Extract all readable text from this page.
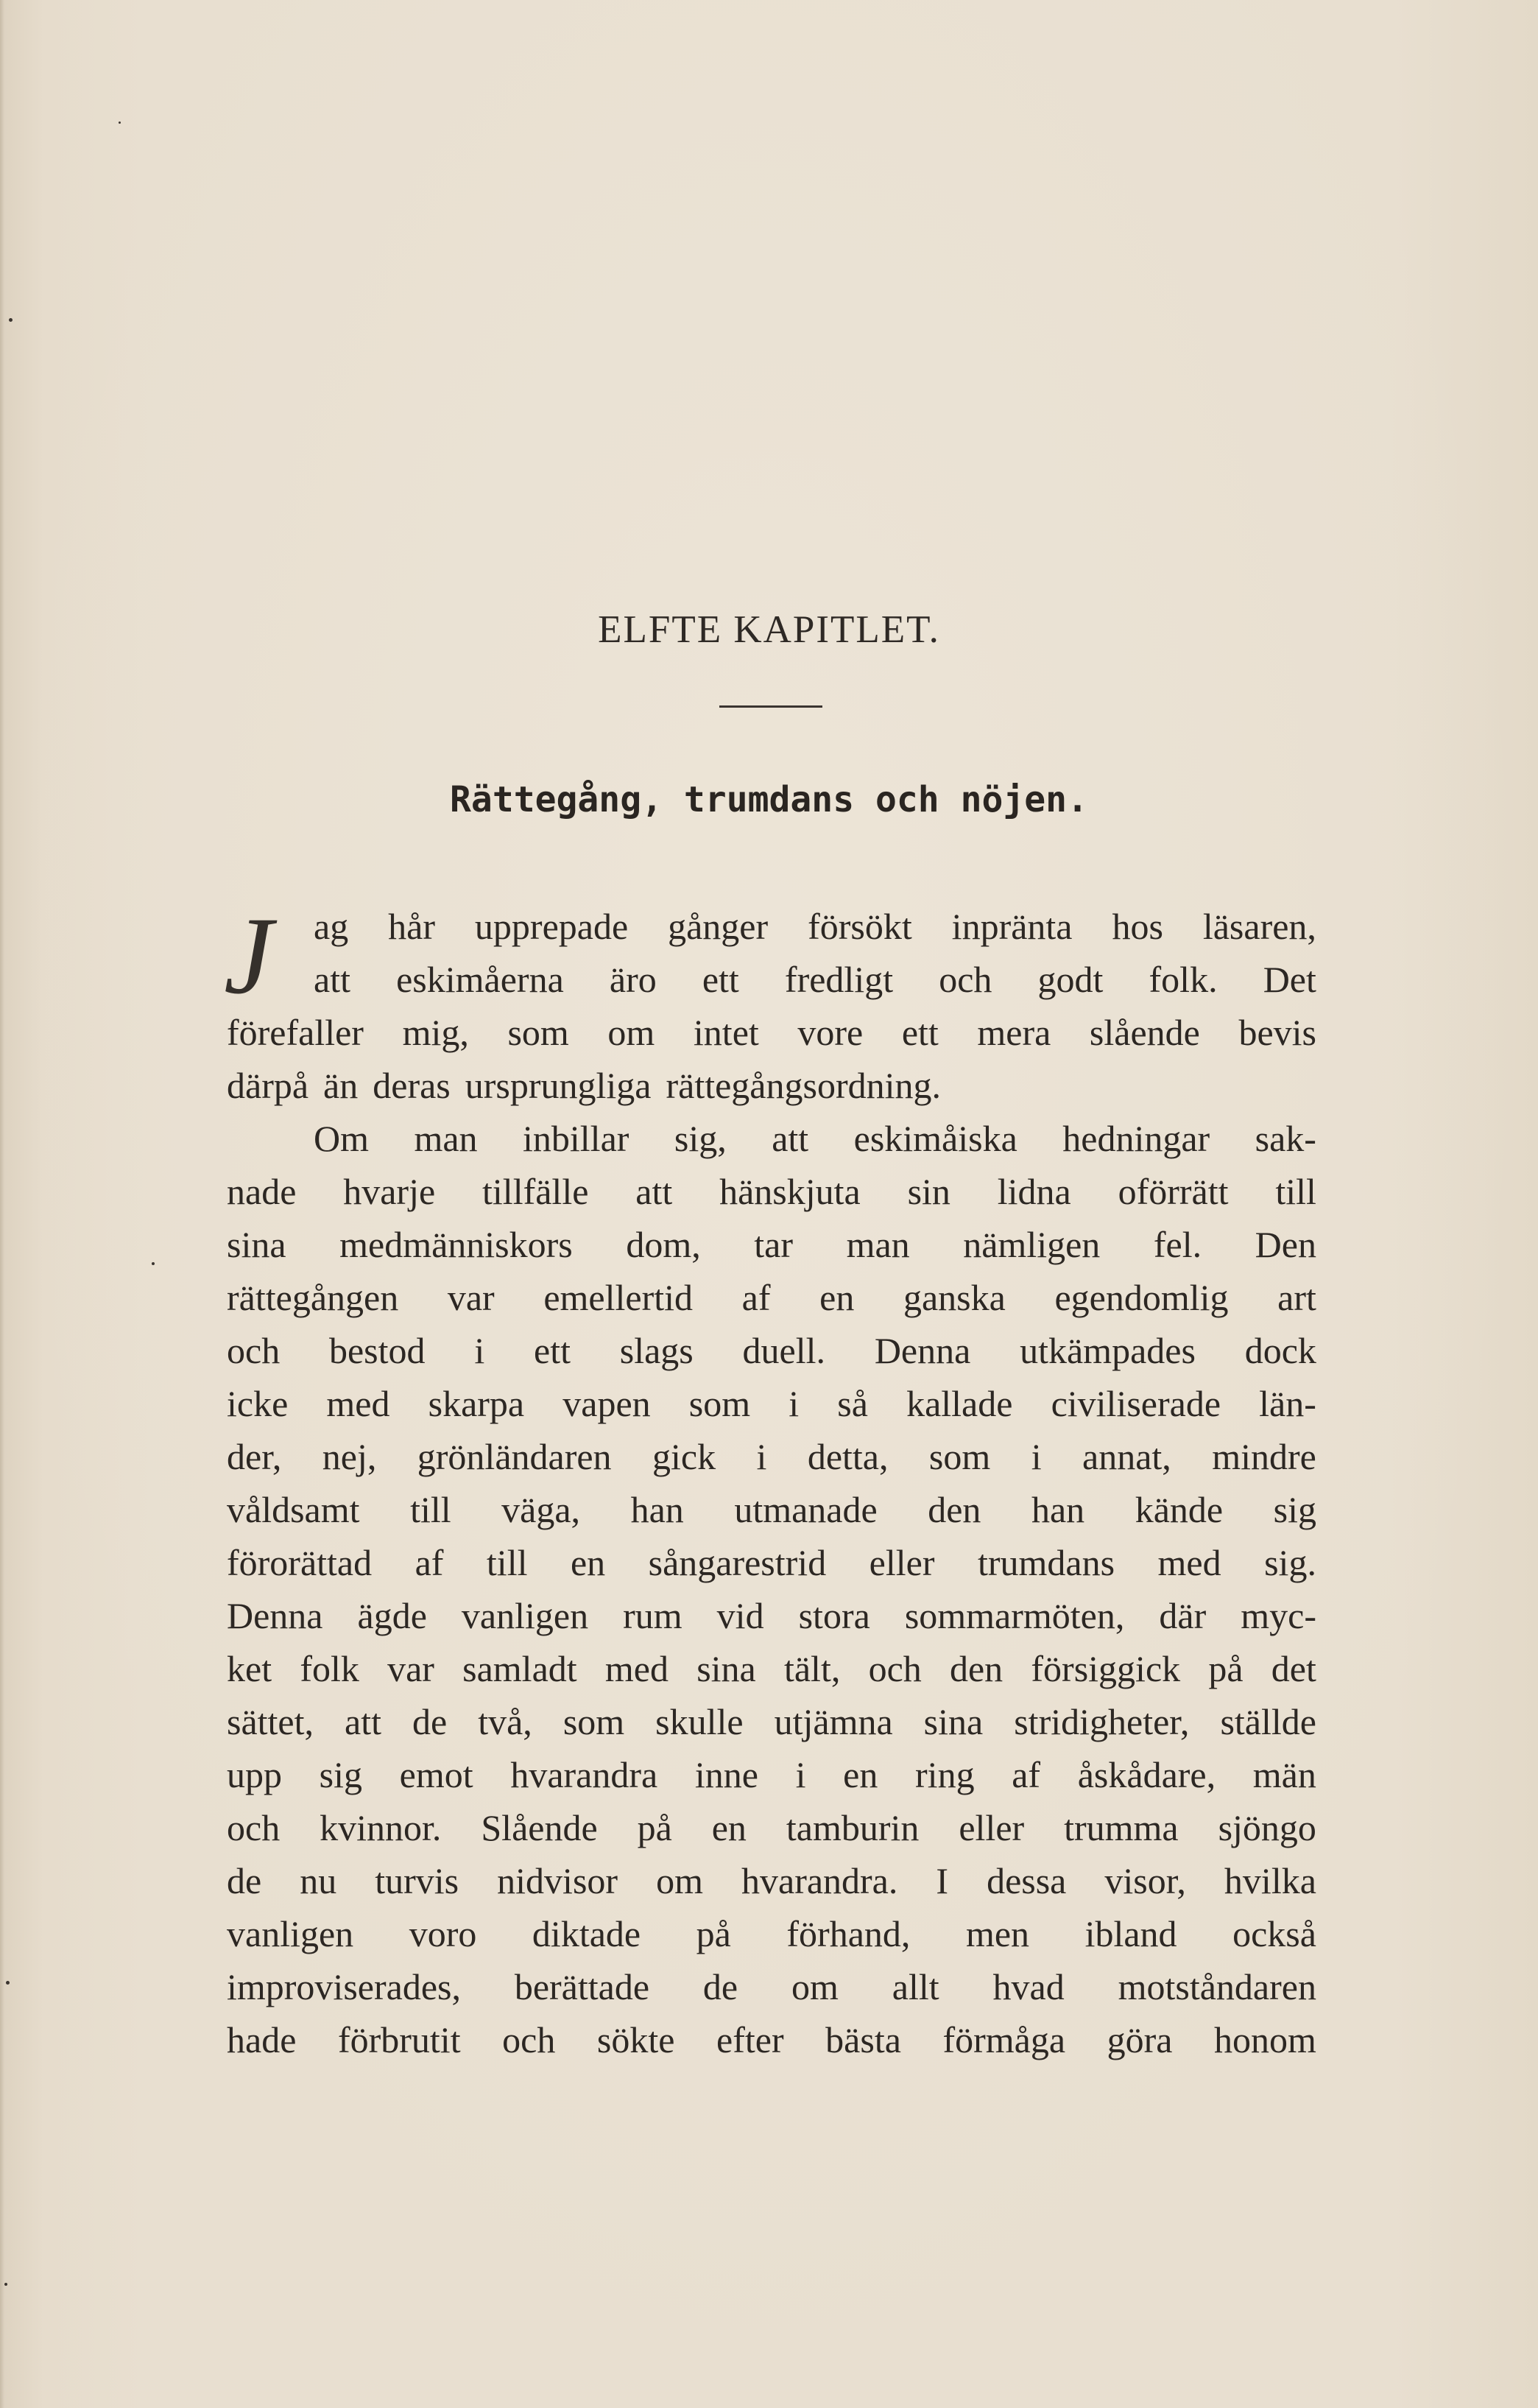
ELFTE KAPITLET.
Rättegång, trumdans och nöjen.
J	ag hår upprepade gånger försökt inpränta hos läsaren,
att eskimåerna äro ett fredligt och godt folk. Det
förefaller mig, som om intet vore ett mera slående bevis
därpå än deras ursprungliga rättegångsordning.
Om man inbillar sig, att eskimåiska hedningar sak-
nade hvarje tillfälle att hänskjuta sin lidna oförrätt till
sina medmänniskors dom, tar man nämligen fel. Den
rättegången var emellertid af en ganska egendomlig art
och bestod i ett slags duell. Denna utkämpades dock
icke med skarpa vapen som i så kallade civiliserade län-
der, nej, grönländaren gick i detta, som i annat, mindre
våldsamt till väga, han utmanade den han kände sig
förorättad af till en sångarestrid eller trumdans med sig.
Denna ägde vanligen rum vid stora sommarmöten, där myc-
ket folk var samladt med sina tält, och den försiggick på det
sättet, att de två, som skulle utjämna sina stridigheter, ställde
upp sig emot hvarandra inne i en ring af åskådare, män
och kvinnor. Slående på en tamburin eller trumma sjöngo
de nu turvis nidvisor om hvarandra. I dessa visor, hvilka
vanligen voro diktade på förhand, men ibland också
improviserades, berättade de om allt hvad motståndaren
hade förbrutit och sökte efter bästa förmåga göra honom
